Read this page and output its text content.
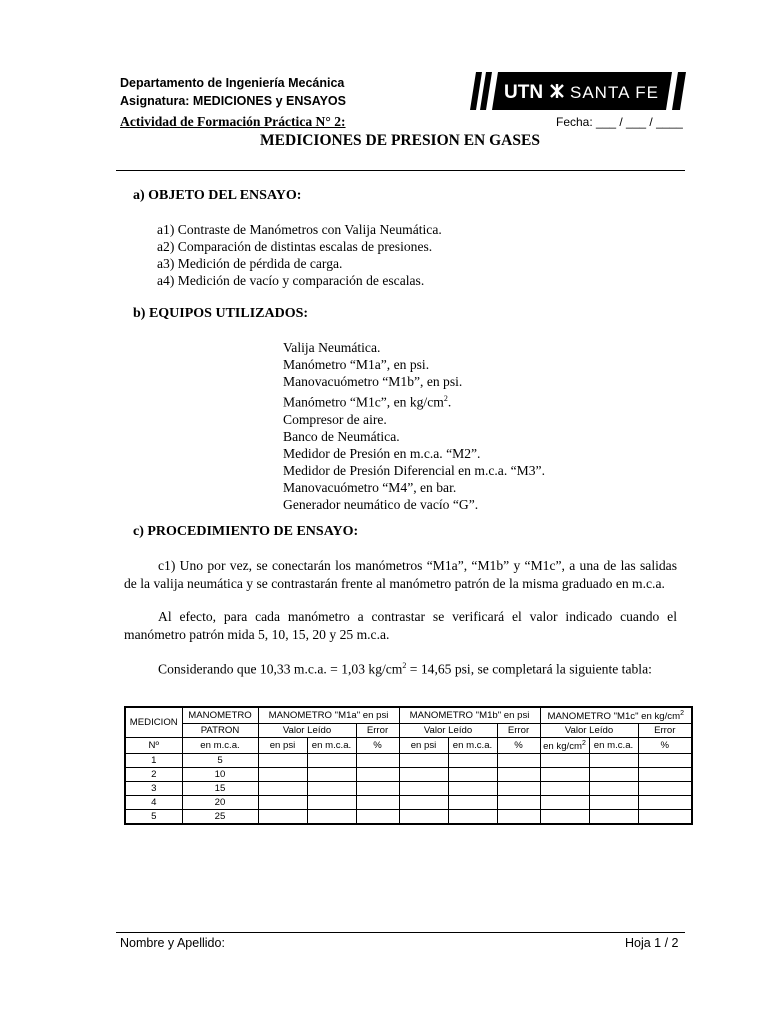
Departamento de Ingeniería Mecánica
Asignatura: MEDICIONES y ENSAYOS
Actividad de Formación Práctica N° 2:	Fecha: ___ / ___ / ____
MEDICIONES DE PRESION EN GASES
UTN SANTA FE
a) OBJETO DEL ENSAYO:
a1) Contraste de Manómetros con Valija Neumática.
a2) Comparación de distintas escalas de presiones.
a3) Medición de pérdida de carga.
a4) Medición de vacío y comparación de escalas.
b) EQUIPOS UTILIZADOS:
Valija Neumática.
Manómetro “M1a”, en psi.
Manovacuómetro “M1b”, en psi.
Manómetro “M1c”, en $kg/cm^2$.
Compresor de aire.
Banco de Neumática.
Medidor de Presión en m.c.a. “M2”.
Medidor de Presión Diferencial en m.c.a. “M3”.
Manovacuómetro “M4”, en bar.
Generador neumático de vacío “G”.
c) PROCEDIMIENTO DE ENSAYO:
c1) Uno por vez, se conectarán los manómetros “M1a”, “M1b” y “M1c”, a una de las salidas de la valija neumática y se contrastarán frente al manómetro patrón de la misma graduado en m.c.a.
Al efecto, para cada manómetro a contrastar se verificará el valor indicado cuando el manómetro patrón mida 5, 10, 15, 20 y 25 m.c.a.
Considerando que 10,33 m.c.a. = 1,03 $kg/cm^2 = 14,65$ psi, se completará la siguiente tabla:
MEDICION	MANOMETRO	MANOMETRO "M1a" en psi			MANOMETRO "M1b" en psi			MANOMETRO "M1c" en $kg/cm^2$
	PATRON	Valor Leído		Error	Valor Leído		Error	Valor Leído		Error
Nº	en m.c.a.	en psi	en m.c.a.	%	en psi	en m.c.a.	%	en $kg/cm^2$	en m.c.a.	%
1	5									
2	10									
3	15									
4	20									
5	25									
Nombre y Apellido:	Hoja 1 / 2
